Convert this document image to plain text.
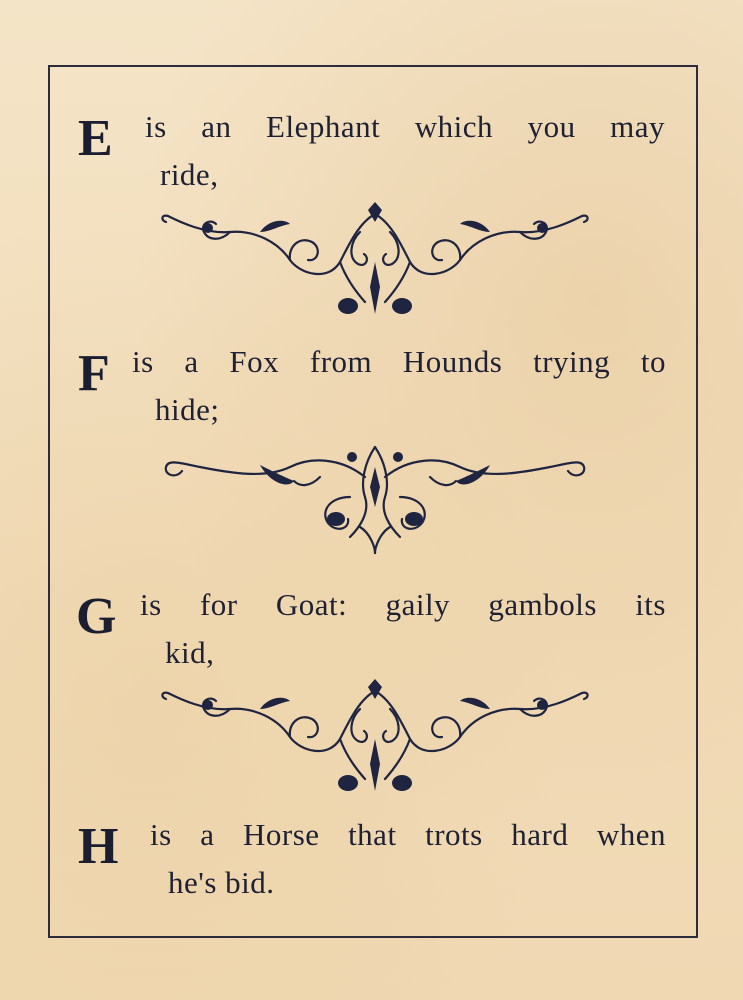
E is an Elephant which you may
ride,
F is a Fox from Hounds trying to
hide;
G is for Goat: gaily gambols its
kid,
H is a Horse that trots hard when
he's bid.
